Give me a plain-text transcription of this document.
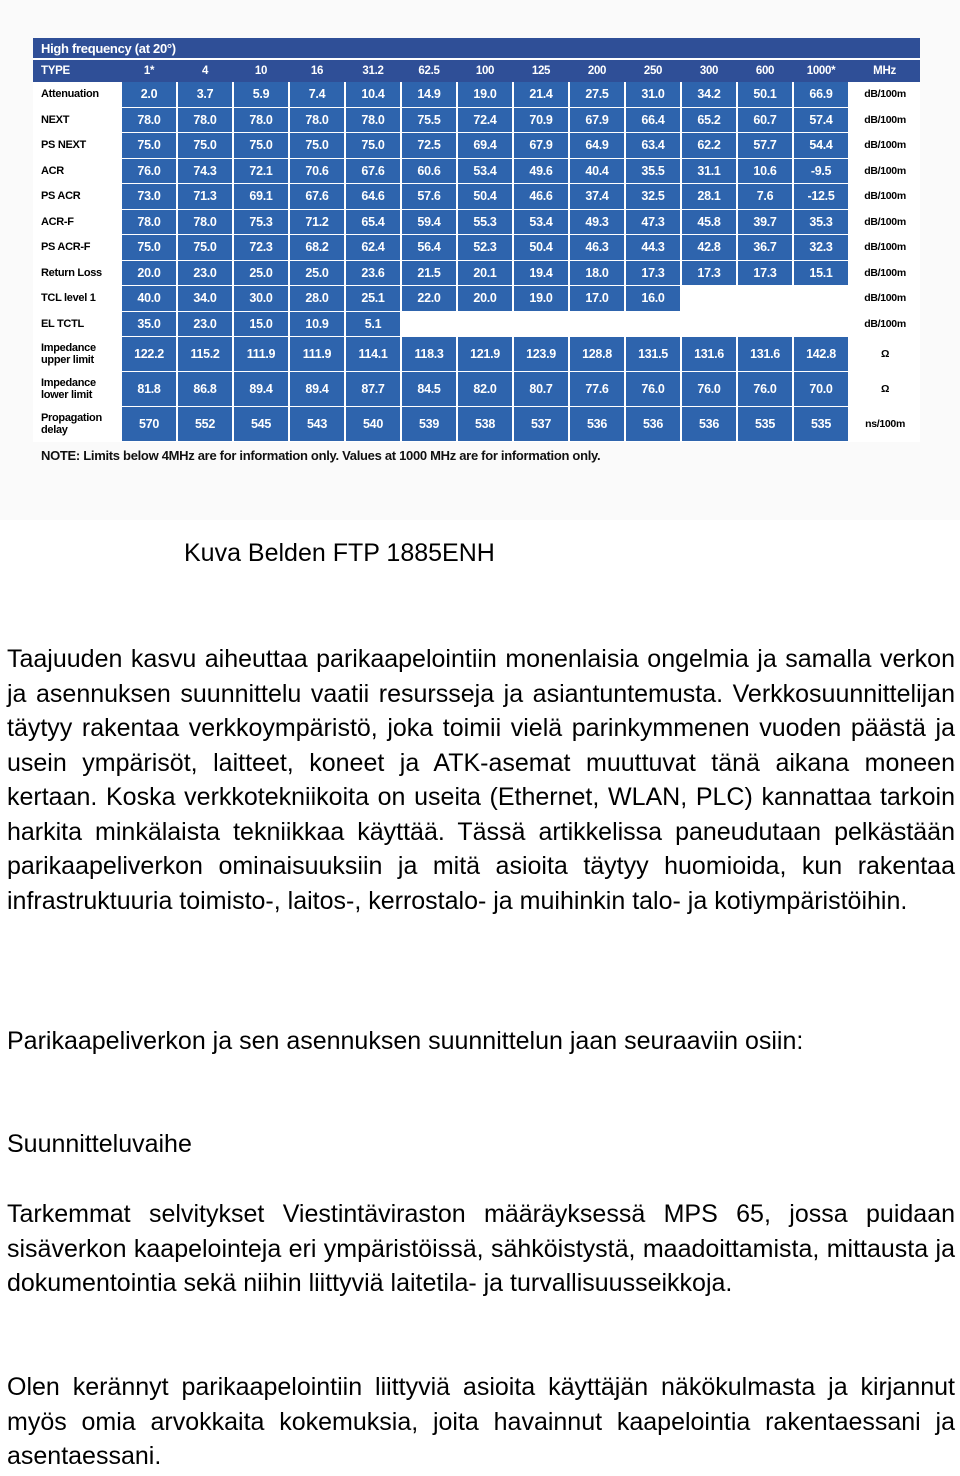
High frequency (at 20°)														
TYPE	1*	4	10	16	31.2	62.5	100	125	200	250	300	600	1000*	MHz
Attenuation	2.0	3.7	5.9	7.4	10.4	14.9	19.0	21.4	27.5	31.0	34.2	50.1	66.9	dB/100m
NEXT	78.0	78.0	78.0	78.0	78.0	75.5	72.4	70.9	67.9	66.4	65.2	60.7	57.4	dB/100m
PS NEXT	75.0	75.0	75.0	75.0	75.0	72.5	69.4	67.9	64.9	63.4	62.2	57.7	54.4	dB/100m
ACR	76.0	74.3	72.1	70.6	67.6	60.6	53.4	49.6	40.4	35.5	31.1	10.6	-9.5	dB/100m
PS ACR	73.0	71.3	69.1	67.6	64.6	57.6	50.4	46.6	37.4	32.5	28.1	7.6	-12.5	dB/100m
ACR-F	78.0	78.0	75.3	71.2	65.4	59.4	55.3	53.4	49.3	47.3	45.8	39.7	35.3	dB/100m
PS ACR-F	75.0	75.0	72.3	68.2	62.4	56.4	52.3	50.4	46.3	44.3	42.8	36.7	32.3	dB/100m
Return Loss	20.0	23.0	25.0	25.0	23.6	21.5	20.1	19.4	18.0	17.3	17.3	17.3	15.1	dB/100m
TCL level 1	40.0	34.0	30.0	28.0	25.1	22.0	20.0	19.0	17.0	16.0				dB/100m
EL TCTL	35.0	23.0	15.0	10.9	5.1									dB/100m
Impedance upper limit	122.2	115.2	111.9	111.9	114.1	118.3	121.9	123.9	128.8	131.5	131.6	131.6	142.8	Ω
Impedance lower limit	81.8	86.8	89.4	89.4	87.7	84.5	82.0	80.7	77.6	76.0	76.0	76.0	70.0	Ω
Propagation delay	570	552	545	543	540	539	538	537	536	536	536	535	535	ns/100m
NOTE: Limits below 4MHz are for information only. Values at 1000 MHz are for information only.

Kuva Belden FTP 1885ENH

Taajuuden kasvu aiheuttaa parikaapelointiin monenlaisia ongelmia ja samalla verkon ja asennuksen suunnittelu vaatii resursseja ja asiantuntemusta. Verkkosuunnittelijan täytyy rakentaa verkkoympäristö, joka toimii vielä parinkymmenen vuoden päästä ja usein ympärisöt, laitteet, koneet ja ATK-asemat muuttuvat tänä aikana moneen kertaan. Koska verkkotekniikoita on useita (Ethernet, WLAN, PLC) kannattaa tarkoin harkita minkälaista tekniikkaa käyttää. Tässä artikkelissa paneudutaan pelkästään parikaapeliverkon ominaisuuksiin ja mitä asioita täytyy huomioida, kun rakentaa infrastruktuuria toimisto-, laitos-, kerrostalo- ja muihinkin talo- ja kotiympäristöihin.

Parikaapeliverkon ja sen asennuksen suunnittelun jaan seuraaviin osiin:

Suunnitteluvaihe

Tarkemmat selvitykset Viestintäviraston määräyksessä MPS 65, jossa puidaan sisäverkon kaapelointeja eri ympäristöissä, sähköistystä, maadoittamista, mittausta ja dokumentointia sekä niihin liittyviä laitetila- ja turvallisuusseikkoja.

Olen kerännyt parikaapelointiin liittyviä asioita käyttäjän näkökulmasta ja kirjannut myös omia arvokkaita kokemuksia, joita havainnut kaapelointia rakentaessani ja asentaessani.
